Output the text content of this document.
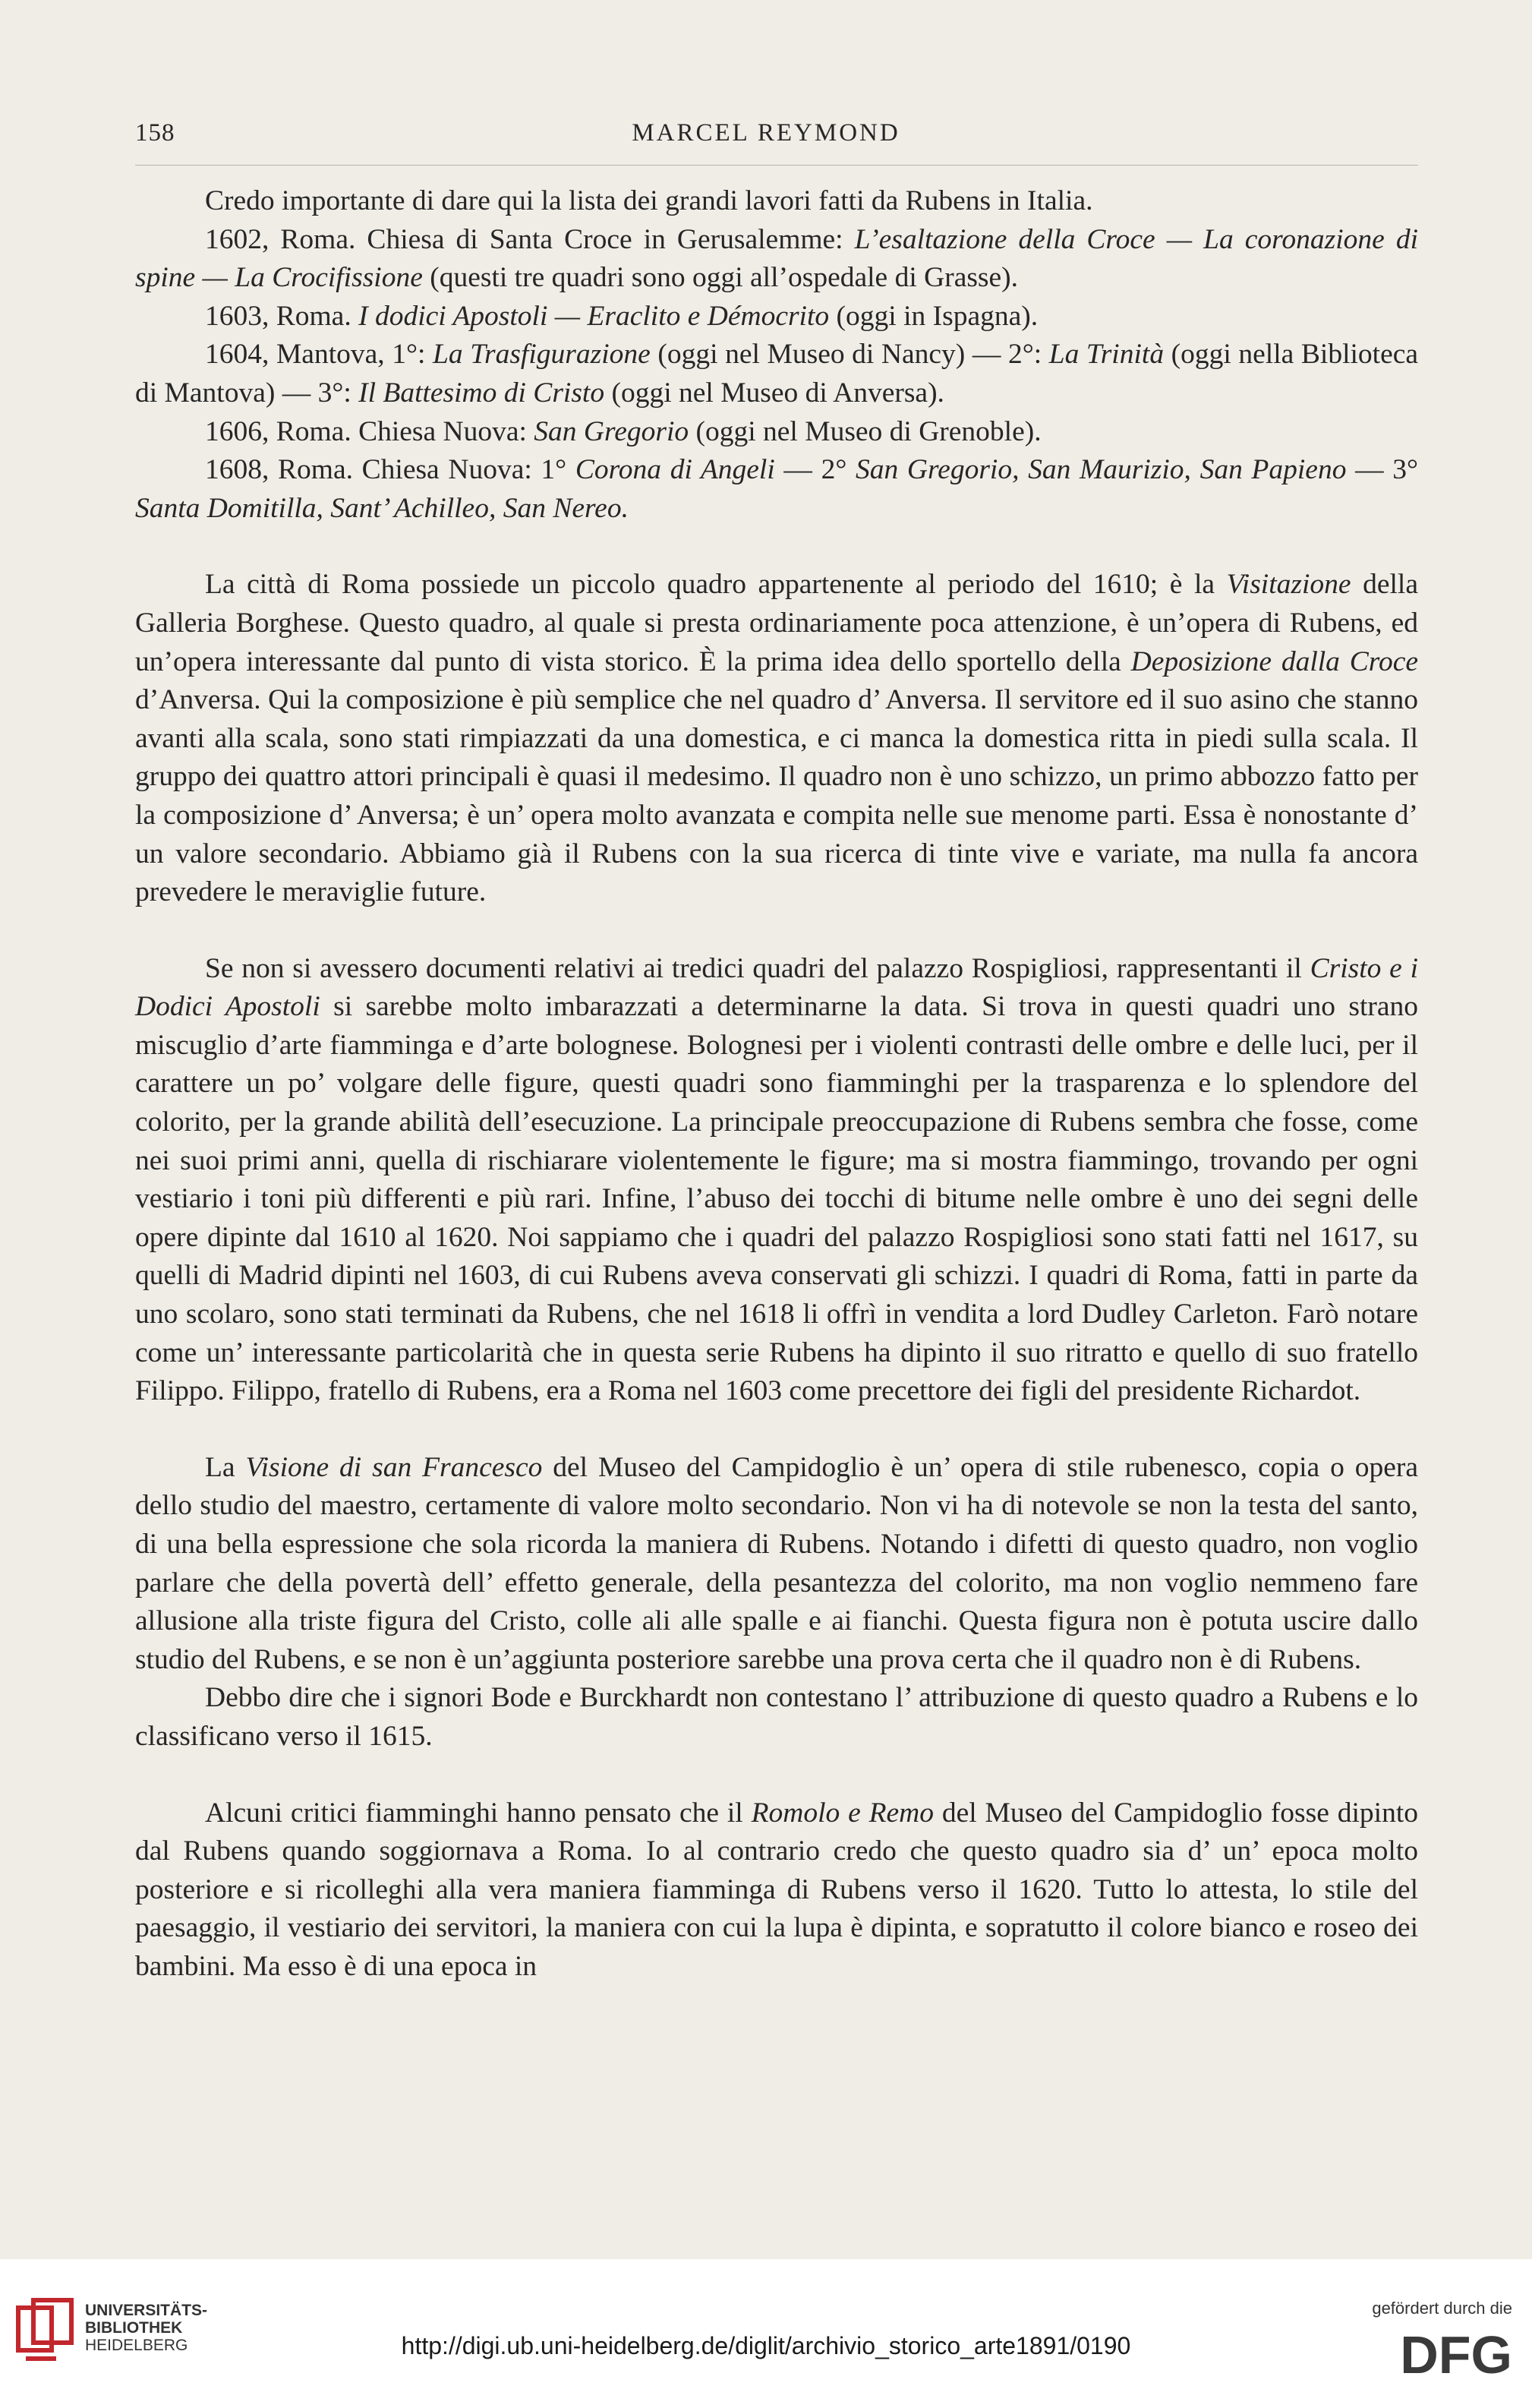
158	MARCEL REYMOND

Credo importante di dare qui la lista dei grandi lavori fatti da Rubens in Italia.

1602, Roma. Chiesa di Santa Croce in Gerusalemme: L’esaltazione della Croce — La coronazione di spine — La Crocifissione (questi tre quadri sono oggi all’ospedale di Grasse).

1603, Roma. I dodici Apostoli — Eraclito e Démocrito (oggi in Ispagna).

1604, Mantova, 1°: La Trasfigurazione (oggi nel Museo di Nancy) — 2°: La Trinità (oggi nella Biblioteca di Mantova) — 3°: Il Battesimo di Cristo (oggi nel Museo di Anversa).

1606, Roma. Chiesa Nuova: San Gregorio (oggi nel Museo di Grenoble).

1608, Roma. Chiesa Nuova: 1° Corona di Angeli — 2° San Gregorio, San Maurizio, San Papieno — 3° Santa Domitilla, Sant’ Achilleo, San Nereo.

La città di Roma possiede un piccolo quadro appartenente al periodo del 1610; è la Visitazione della Galleria Borghese. Questo quadro, al quale si presta ordinariamente poca attenzione, è un’opera di Rubens, ed un’opera interessante dal punto di vista storico. È la prima idea dello sportello della Deposizione dalla Croce d’Anversa. Qui la composizione è più semplice che nel quadro d’ Anversa. Il servitore ed il suo asino che stanno avanti alla scala, sono stati rimpiazzati da una domestica, e ci manca la domestica ritta in piedi sulla scala. Il gruppo dei quattro attori principali è quasi il medesimo. Il quadro non è uno schizzo, un primo abbozzo fatto per la composizione d’ Anversa; è un’ opera molto avanzata e compita nelle sue menome parti. Essa è nonostante d’ un valore secondario. Abbiamo già il Rubens con la sua ricerca di tinte vive e variate, ma nulla fa ancora prevedere le meraviglie future.

Se non si avessero documenti relativi ai tredici quadri del palazzo Rospigliosi, rappresentanti il Cristo e i Dodici Apostoli si sarebbe molto imbarazzati a determinarne la data. Si trova in questi quadri uno strano miscuglio d’arte fiamminga e d’arte bolognese. Bolognesi per i violenti contrasti delle ombre e delle luci, per il carattere un po’ volgare delle figure, questi quadri sono fiamminghi per la trasparenza e lo splendore del colorito, per la grande abilità dell’esecuzione. La principale preoccupazione di Rubens sembra che fosse, come nei suoi primi anni, quella di rischiarare violentemente le figure; ma si mostra fiammingo, trovando per ogni vestiario i toni più differenti e più rari. Infine, l’abuso dei tocchi di bitume nelle ombre è uno dei segni delle opere dipinte dal 1610 al 1620. Noi sappiamo che i quadri del palazzo Rospigliosi sono stati fatti nel 1617, su quelli di Madrid dipinti nel 1603, di cui Rubens aveva conservati gli schizzi. I quadri di Roma, fatti in parte da uno scolaro, sono stati terminati da Rubens, che nel 1618 li offrì in vendita a lord Dudley Carleton. Farò notare come un’ interessante particolarità che in questa serie Rubens ha dipinto il suo ritratto e quello di suo fratello Filippo. Filippo, fratello di Rubens, era a Roma nel 1603 come precettore dei figli del presidente Richardot.

La Visione di san Francesco del Museo del Campidoglio è un’ opera di stile rubenesco, copia o opera dello studio del maestro, certamente di valore molto secondario. Non vi ha di notevole se non la testa del santo, di una bella espressione che sola ricorda la maniera di Rubens. Notando i difetti di questo quadro, non voglio parlare che della povertà dell’ effetto generale, della pesantezza del colorito, ma non voglio nemmeno fare allusione alla triste figura del Cristo, colle ali alle spalle e ai fianchi. Questa figura non è potuta uscire dallo studio del Rubens, e se non è un’aggiunta posteriore sarebbe una prova certa che il quadro non è di Rubens.

Debbo dire che i signori Bode e Burckhardt non contestano l’ attribuzione di questo quadro a Rubens e lo classificano verso il 1615.

Alcuni critici fiamminghi hanno pensato che il Romolo e Remo del Museo del Campidoglio fosse dipinto dal Rubens quando soggiornava a Roma. Io al contrario credo che questo quadro sia d’ un’ epoca molto posteriore e si ricolleghi alla vera maniera fiamminga di Rubens verso il 1620. Tutto lo attesta, lo stile del paesaggio, il vestiario dei servitori, la maniera con cui la lupa è dipinta, e sopratutto il colore bianco e roseo dei bambini. Ma esso è di una epoca in

UNIVERSITÄTS-
BIBLIOTHEK
HEIDELBERG	http://digi.ub.uni-heidelberg.de/diglit/archivio_storico_arte1891/0190
gefördert durch die
DFG
